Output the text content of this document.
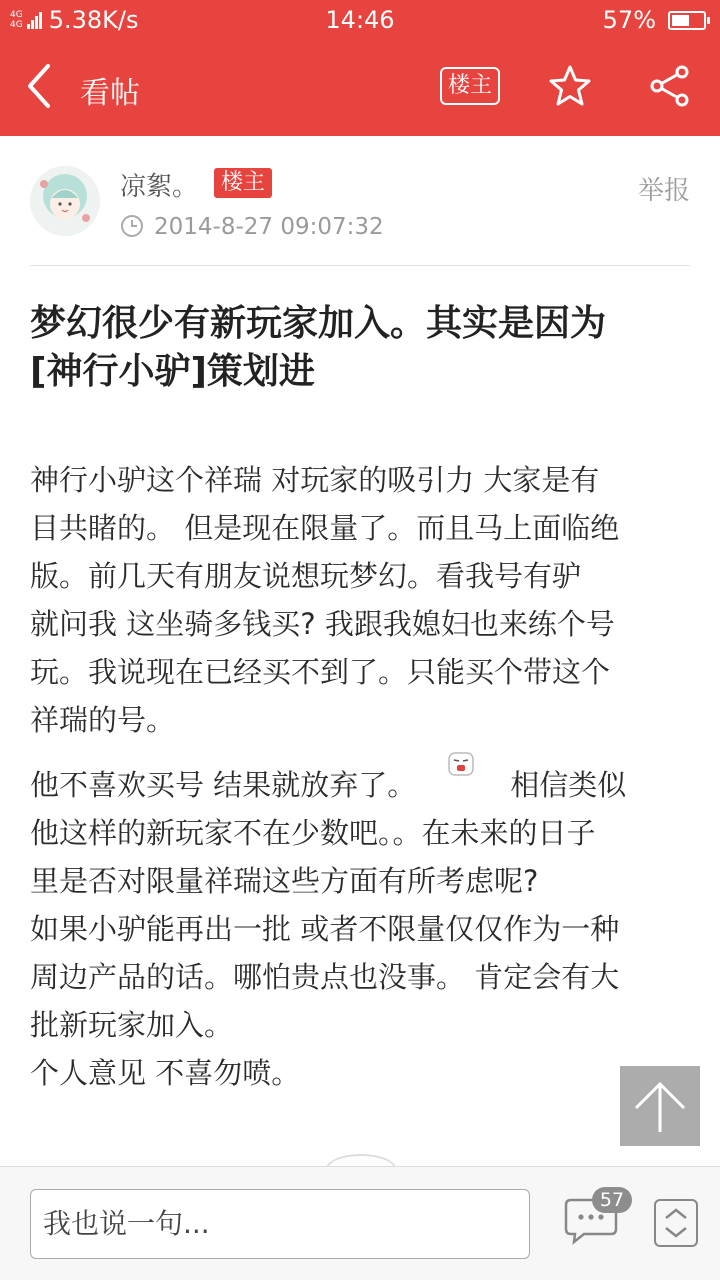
4G
4G 5.38K/s	14:46	57%
看帖	楼主
凉絮。	楼主
2014-8-27 09:07:32
举报
梦幻很少有新玩家加入。其实是因为
[神行小驴]策划进

神行小驴这个祥瑞 对玩家的吸引力 大家是有
目共睹的。 但是现在限量了。而且马上面临绝
版。前几天有朋友说想玩梦幻。看我号有驴
就问我 这坐骑多钱买? 我跟我媳妇也来练个号
玩。我说现在已经买不到了。只能买个带这个
祥瑞的号。

他不喜欢买号 结果就放弃了。	相信类似
他这样的新玩家不在少数吧。。在未来的日子
里是否对限量祥瑞这些方面有所考虑呢?
如果小驴能再出一批 或者不限量仅仅作为一种
周边产品的话。哪怕贵点也没事。 肯定会有大
批新玩家加入。
个人意见 不喜勿喷。

我也说一句...
57
